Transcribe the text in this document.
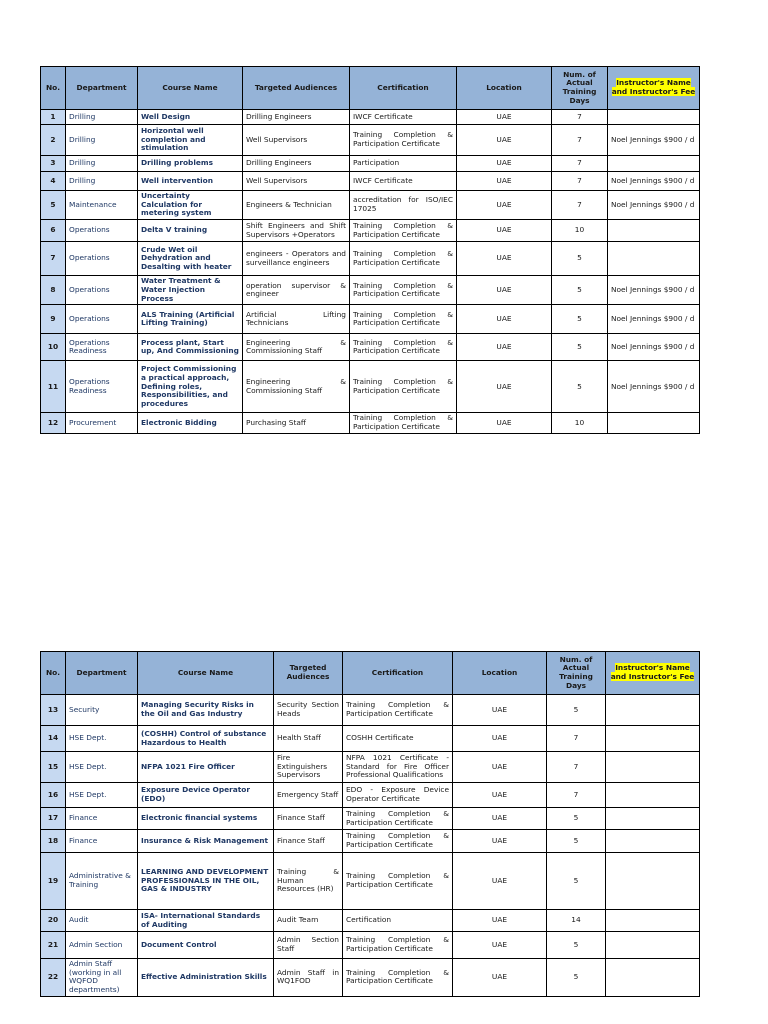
No.	Department	Course Name	Targeted Audiences	Certification	Location	Num. of Actual Training Days	Instructor's Name and Instructor's Fee
1	Drilling	Well Design	Drilling Engineers	IWCF Certificate	UAE	7	
2	Drilling	Horizontal well completion and stimulation	Well Supervisors	Training Completion & Participation Certificate	UAE	7	Noel Jennings $900 / d
3	Drilling	Drilling problems	Drilling Engineers	Participation	UAE	7	
4	Drilling	Well intervention	Well Supervisors	IWCF Certificate	UAE	7	Noel Jennings $900 / d
5	Maintenance	Uncertainty Calculation for metering system	Engineers & Technician	accreditation for ISO/IEC 17025	UAE	7	Noel Jennings $900 / d
6	Operations	Delta V training	Shift Engineers and Shift Supervisors +Operators	Training Completion & Participation Certificate	UAE	10	
7	Operations	Crude Wet oil Dehydration and Desalting with heater	engineers - Operators and surveillance engineers	Training Completion & Participation Certificate	UAE	5	
8	Operations	Water Treatment & Water Injection Process	operation supervisor & engineer	Training Completion & Participation Certificate	UAE	5	Noel Jennings $900 / d
9	Operations	ALS Training (Artificial Lifting Training)	Artificial Lifting Technicians	Training Completion & Participation Certificate	UAE	5	Noel Jennings $900 / d
10	Operations Readiness	Process plant, Start up, And Commissioning	Engineering & Commissioning Staff	Training Completion & Participation Certificate	UAE	5	Noel Jennings $900 / d
11	Operations Readiness	Project Commissioning a practical approach, Defining roles, Responsibilities, and procedures	Engineering & Commissioning Staff	Training Completion & Participation Certificate	UAE	5	Noel Jennings $900 / d
12	Procurement	Electronic Bidding	Purchasing Staff	Training Completion & Participation Certificate	UAE	10	
No.	Department	Course Name	Targeted Audiences	Certification	Location	Num. of Actual Training Days	Instructor's Name and Instructor's Fee
13	Security	Managing Security Risks in the Oil and Gas Industry	Security Section Heads	Training Completion & Participation Certificate	UAE	5	
14	HSE Dept.	(COSHH) Control of substance Hazardous to Health	Health Staff	COSHH Certificate	UAE	7	
15	HSE Dept.	NFPA 1021 Fire Officer	Fire Extinguishers Supervisors	NFPA 1021 Certificate - Standard for Fire Officer Professional Qualifications	UAE	7	
16	HSE Dept.	Exposure Device Operator (EDO)	Emergency Staff	EDO - Exposure Device Operator Certificate	UAE	7	
17	Finance	Electronic financial systems	Finance Staff	Training Completion & Participation Certificate	UAE	5	
18	Finance	Insurance & Risk Management	Finance Staff	Training Completion & Participation Certificate	UAE	5	
19	Administrative & Training	LEARNING AND DEVELOPMENT PROFESSIONALS IN THE OIL, GAS & INDUSTRY	Training & Human Resources (HR)	Training Completion & Participation Certificate	UAE	5	
20	Audit	ISA- International Standards of Auditing	Audit Team	Certification	UAE	14	
21	Admin Section	Document Control	Admin Section Staff	Training Completion & Participation Certificate	UAE	5	
22	Admin Staff (working in all WQFOD departments)	Effective Administration Skills	Admin Staff in WQ1FOD	Training Completion & Participation Certificate	UAE	5	
